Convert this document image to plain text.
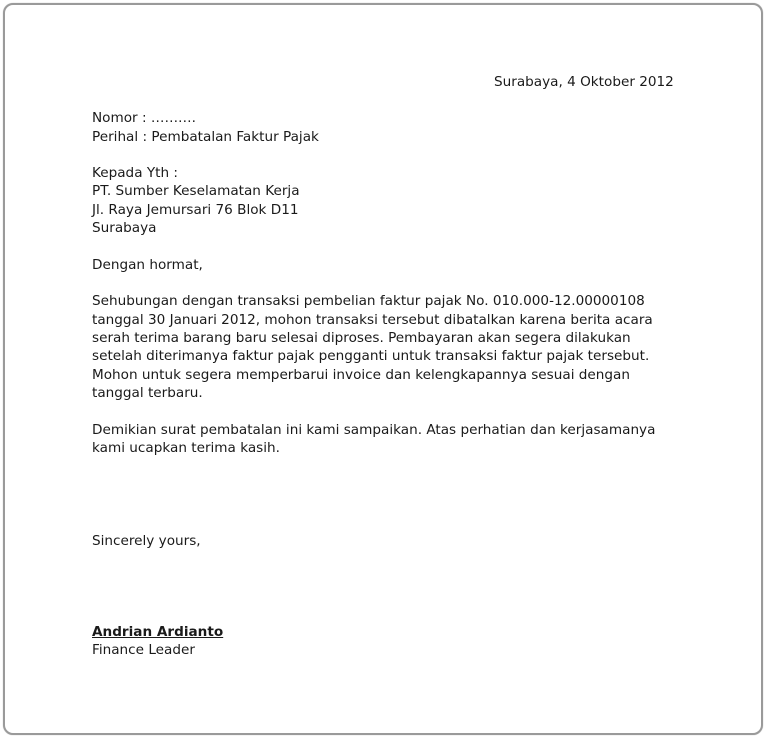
Surabaya, 4 Oktober 2012
Nomor : ……….
Perihal : Pembatalan Faktur Pajak
Kepada Yth :
PT. Sumber Keselamatan Kerja
Jl. Raya Jemursari 76 Blok D11
Surabaya
Dengan hormat,
Sehubungan dengan transaksi pembelian faktur pajak No. 010.000-12.00000108
tanggal 30 Januari 2012, mohon transaksi tersebut dibatalkan karena berita acara
serah terima barang baru selesai diproses. Pembayaran akan segera dilakukan
setelah diterimanya faktur pajak pengganti untuk transaksi faktur pajak tersebut.
Mohon untuk segera memperbarui invoice dan kelengkapannya sesuai dengan
tanggal terbaru.
Demikian surat pembatalan ini kami sampaikan. Atas perhatian dan kerjasamanya
kami ucapkan terima kasih.
Sincerely yours,
Andrian Ardianto
Finance Leader
